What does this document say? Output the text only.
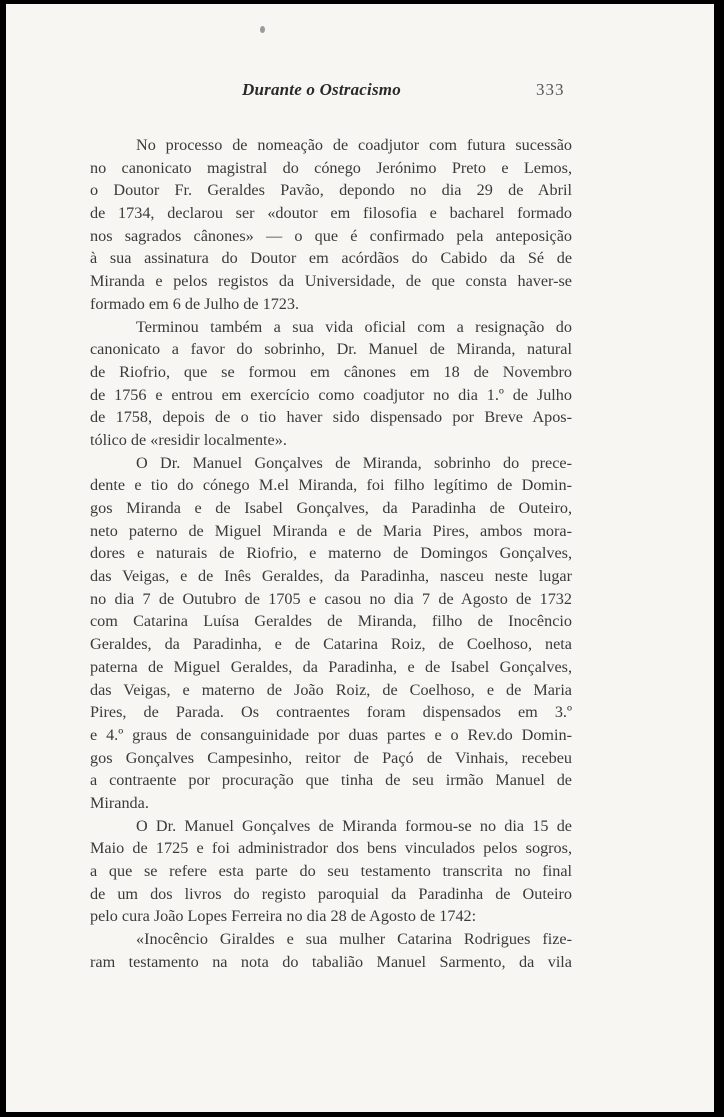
Durante o Ostracismo	333
No processo de nomeação de coadjutor com futura sucessão
no canonicato magistral do cónego Jerónimo Preto e Lemos,
o Doutor Fr. Geraldes Pavão, depondo no dia 29 de Abril
de 1734, declarou ser «doutor em filosofia e bacharel formado
nos sagrados cânones» — o que é confirmado pela anteposição
à sua assinatura do Doutor em acórdãos do Cabido da Sé de
Miranda e pelos registos da Universidade, de que consta haver-se
formado em 6 de Julho de 1723.
Terminou também a sua vida oficial com a resignação do
canonicato a favor do sobrinho, Dr. Manuel de Miranda, natural
de Riofrio, que se formou em cânones em 18 de Novembro
de 1756 e entrou em exercício como coadjutor no dia 1.º de Julho
de 1758, depois de o tio haver sido dispensado por Breve Apos-
tólico de «residir localmente».
O Dr. Manuel Gonçalves de Miranda, sobrinho do prece-
dente e tio do cónego M.el Miranda, foi filho legítimo de Domin-
gos Miranda e de Isabel Gonçalves, da Paradinha de Outeiro,
neto paterno de Miguel Miranda e de Maria Pires, ambos mora-
dores e naturais de Riofrio, e materno de Domingos Gonçalves,
das Veigas, e de Inês Geraldes, da Paradinha, nasceu neste lugar
no dia 7 de Outubro de 1705 e casou no dia 7 de Agosto de 1732
com Catarina Luísa Geraldes de Miranda, filho de Inocêncio
Geraldes, da Paradinha, e de Catarina Roiz, de Coelhoso, neta
paterna de Miguel Geraldes, da Paradinha, e de Isabel Gonçalves,
das Veigas, e materno de João Roiz, de Coelhoso, e de Maria
Pires, de Parada. Os contraentes foram dispensados em 3.º
e 4.º graus de consanguinidade por duas partes e o Rev.do Domin-
gos Gonçalves Campesinho, reitor de Paçó de Vinhais, recebeu
a contraente por procuração que tinha de seu irmão Manuel de
Miranda.
O Dr. Manuel Gonçalves de Miranda formou-se no dia 15 de
Maio de 1725 e foi administrador dos bens vinculados pelos sogros,
a que se refere esta parte do seu testamento transcrita no final
de um dos livros do registo paroquial da Paradinha de Outeiro
pelo cura João Lopes Ferreira no dia 28 de Agosto de 1742:
«Inocêncio Giraldes e sua mulher Catarina Rodrigues fize-
ram testamento na nota do tabalião Manuel Sarmento, da vila
